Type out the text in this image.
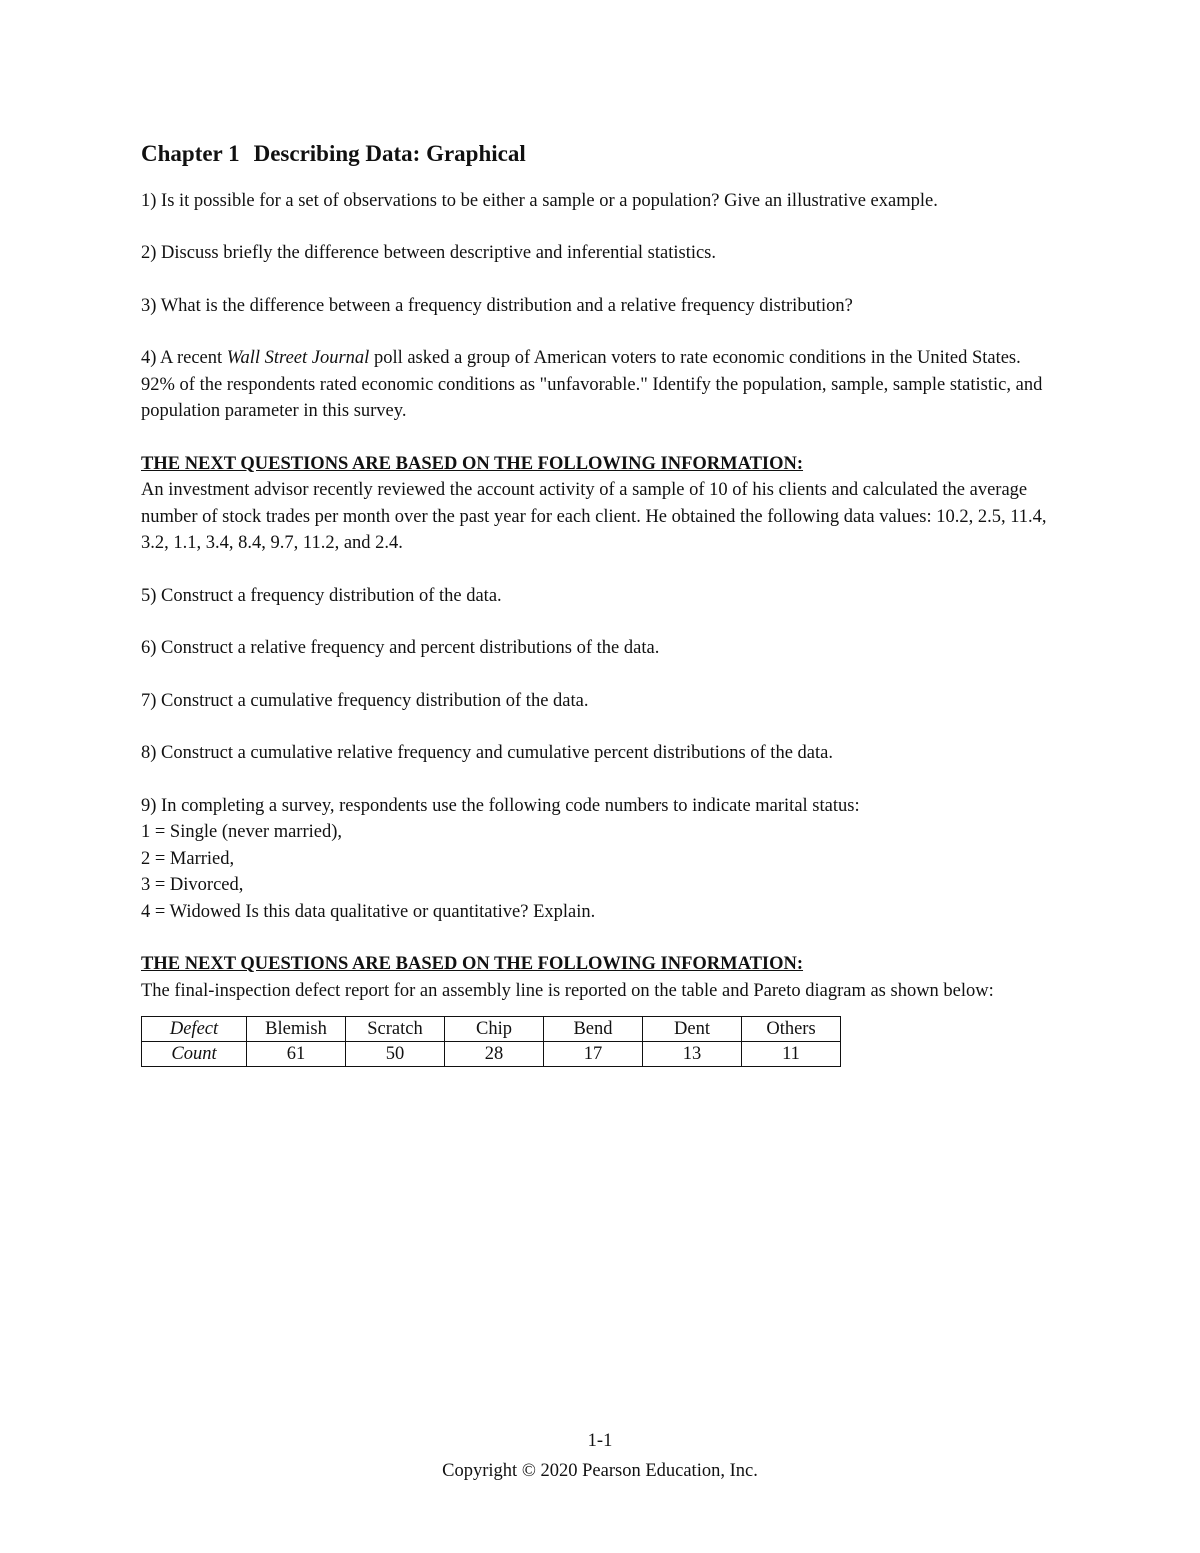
Chapter 1 Describing Data: Graphical

1) Is it possible for a set of observations to be either a sample or a population? Give an illustrative example.

2) Discuss briefly the difference between descriptive and inferential statistics.

3) What is the difference between a frequency distribution and a relative frequency distribution?

4) A recent Wall Street Journal poll asked a group of American voters to rate economic conditions in the United States. 92% of the respondents rated economic conditions as "unfavorable." Identify the population, sample, sample statistic, and population parameter in this survey.

THE NEXT QUESTIONS ARE BASED ON THE FOLLOWING INFORMATION:

An investment advisor recently reviewed the account activity of a sample of 10 of his clients and calculated the average number of stock trades per month over the past year for each client. He obtained the following data values: 10.2, 2.5, 11.4, 3.2, 1.1, 3.4, 8.4, 9.7, 11.2, and 2.4.

5) Construct a frequency distribution of the data.

6) Construct a relative frequency and percent distributions of the data.

7) Construct a cumulative frequency distribution of the data.

8) Construct a cumulative relative frequency and cumulative percent distributions of the data.

9) In completing a survey, respondents use the following code numbers to indicate marital status:

1 = Single (never married),

2 = Married,

3 = Divorced,

4 = Widowed Is this data qualitative or quantitative? Explain.

THE NEXT QUESTIONS ARE BASED ON THE FOLLOWING INFORMATION:

The final-inspection defect report for an assembly line is reported on the table and Pareto diagram as shown below:

Defect	Blemish	Scratch	Chip	Bend	Dent	Others
Count	61	50	28	17	13	11
1-1
Copyright © 2020 Pearson Education, Inc.
